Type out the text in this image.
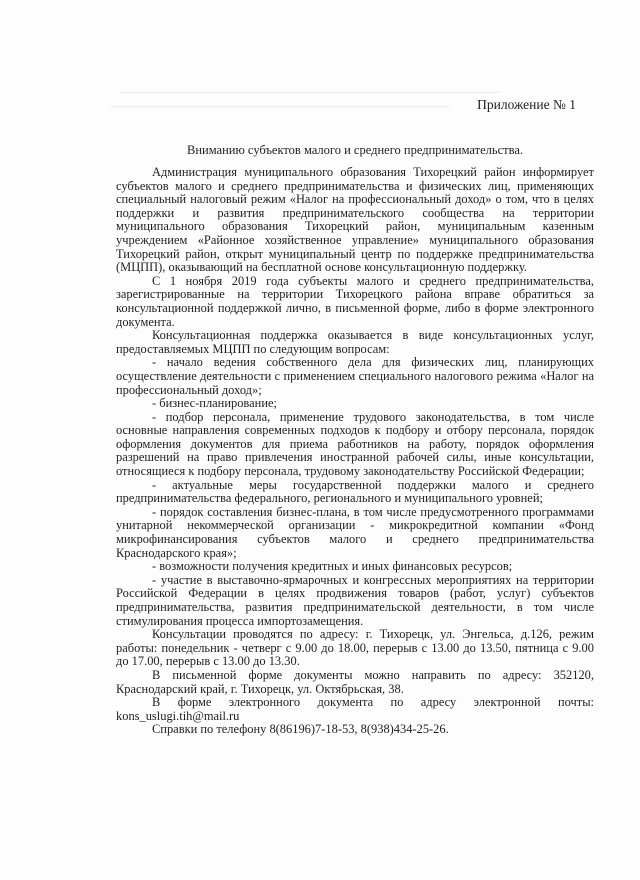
Приложение № 1
Вниманию субъектов малого и среднего предпринимательства.

Администрация муниципального образования Тихорецкий район информирует субъектов малого и среднего предпринимательства и физических лиц, применяющих специальный налоговый режим «Налог на профессиональный доход» о том, что в целях поддержки и развития предпринимательского сообщества на территории муниципального образования Тихорецкий район, муниципальным казенным учреждением «Районное хозяйственное управление» муниципального образования Тихорецкий район, открыт муниципальный центр по поддержке предпринимательства (МЦПП), оказывающий на бесплатной основе консультационную поддержку.

С 1 ноября 2019 года субъекты малого и среднего предпринимательства, зарегистрированные на территории Тихорецкого района вправе обратиться за консультационной поддержкой лично, в письменной форме, либо в форме электронного документа.

Консультационная поддержка оказывается в виде консультационных услуг, предоставляемых МЦПП по следующим вопросам:

- начало ведения собственного дела для физических лиц, планирующих осуществление деятельности с применением специального налогового режима «Налог на профессиональный доход»;

- бизнес-планирование;

- подбор персонала, применение трудового законодательства, в том числе основные направления современных подходов к подбору и отбору персонала, порядок оформления документов для приема работников на работу, порядок оформления разрешений на право привлечения иностранной рабочей силы, иные консультации, относящиеся к подбору персонала, трудовому законодательству Российской Федерации;

- актуальные меры государственной поддержки малого и среднего предпринимательства федерального, регионального и муниципального уровней;

- порядок составления бизнес-плана, в том числе предусмотренного программами унитарной некоммерческой организации - микрокредитной компании «Фонд микрофинансирования субъектов малого и среднего предпринимательства Краснодарского края»;

- возможности получения кредитных и иных финансовых ресурсов;

- участие в выставочно-ярмарочных и конгрессных мероприятиях на территории Российской Федерации в целях продвижения товаров (работ, услуг) субъектов предпринимательства, развития предпринимательской деятельности, в том числе стимулирования процесса импортозамещения.

Консультации проводятся по адресу: г. Тихорецк, ул. Энгельса, д.126, режим работы: понедельник - четверг с 9.00 до 18.00, перерыв с 13.00 до 13.50, пятница с 9.00 до 17.00, перерыв с 13.00 до 13.30.

В письменной форме документы можно направить по адресу: 352120, Краснодарский край, г. Тихорецк, ул. Октябрьская, 38.

В форме электронного документа по адресу электронной почты: kons_uslugi.tih@mail.ru

Справки по телефону 8(86196)7-18-53, 8(938)434-25-26.
